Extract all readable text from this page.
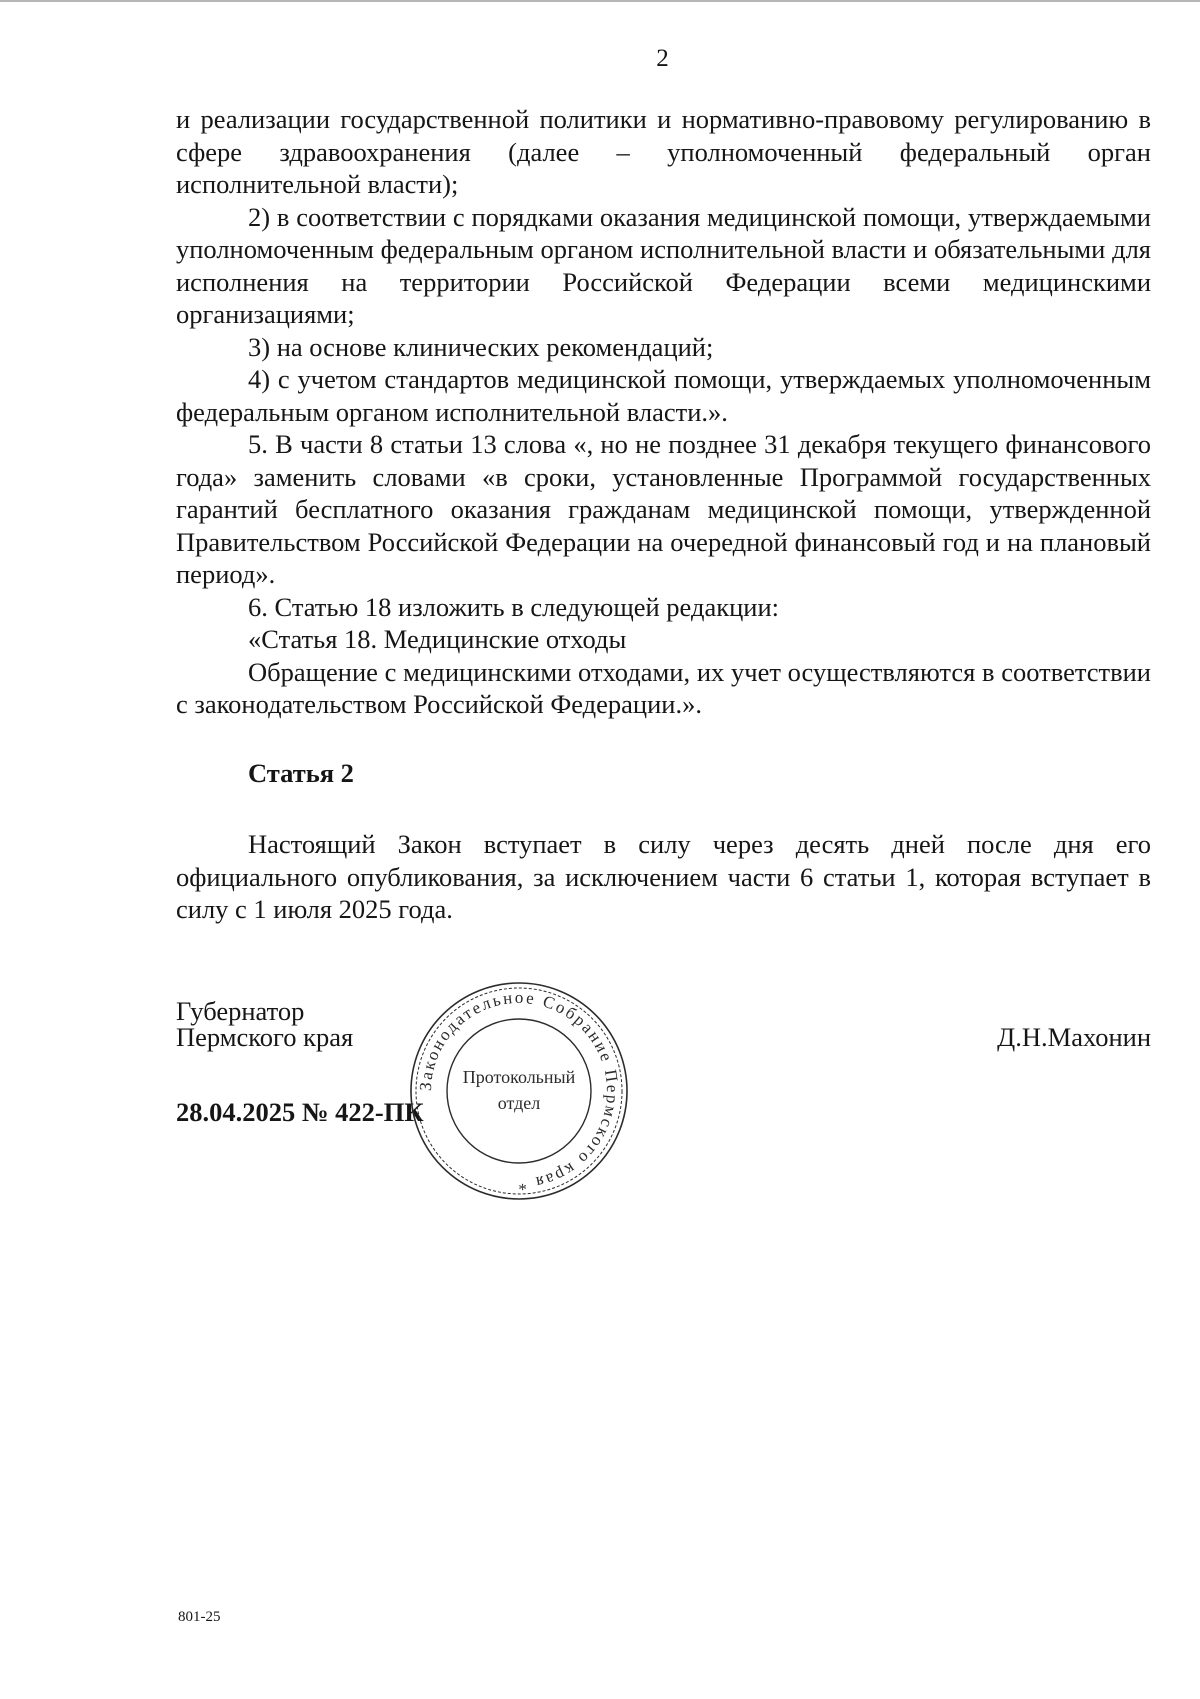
2

и реализации государственной политики и нормативно-правовому регулированию в сфере здравоохранения (далее – уполномоченный федеральный орган исполнительной власти);

2) в соответствии с порядками оказания медицинской помощи, утверждаемыми уполномоченным федеральным органом исполнительной власти и обязательными для исполнения на территории Российской Федерации всеми медицинскими организациями;

3) на основе клинических рекомендаций;

4) с учетом стандартов медицинской помощи, утверждаемых уполномоченным федеральным органом исполнительной власти.».

5. В части 8 статьи 13 слова «, но не позднее 31 декабря текущего финансового года» заменить словами «в сроки, установленные Программой государственных гарантий бесплатного оказания гражданам медицинской помощи, утвержденной Правительством Российской Федерации на очередной финансовый год и на плановый период».

6. Статью 18 изложить в следующей редакции:

«Статья 18. Медицинские отходы

Обращение с медицинскими отходами, их учет осуществляются в соответствии с законодательством Российской Федерации.».

Статья 2

Настоящий Закон вступает в силу через десять дней после дня его официального опубликования, за исключением части 6 статьи 1, которая вступает в силу с 1 июля 2025 года.

Губернатор
Пермского края	Д.Н.Махонин
28.04.2025 № 422-ПК
Законодательное Собрание Пермского края *
Протокольный
отдел
801-25
